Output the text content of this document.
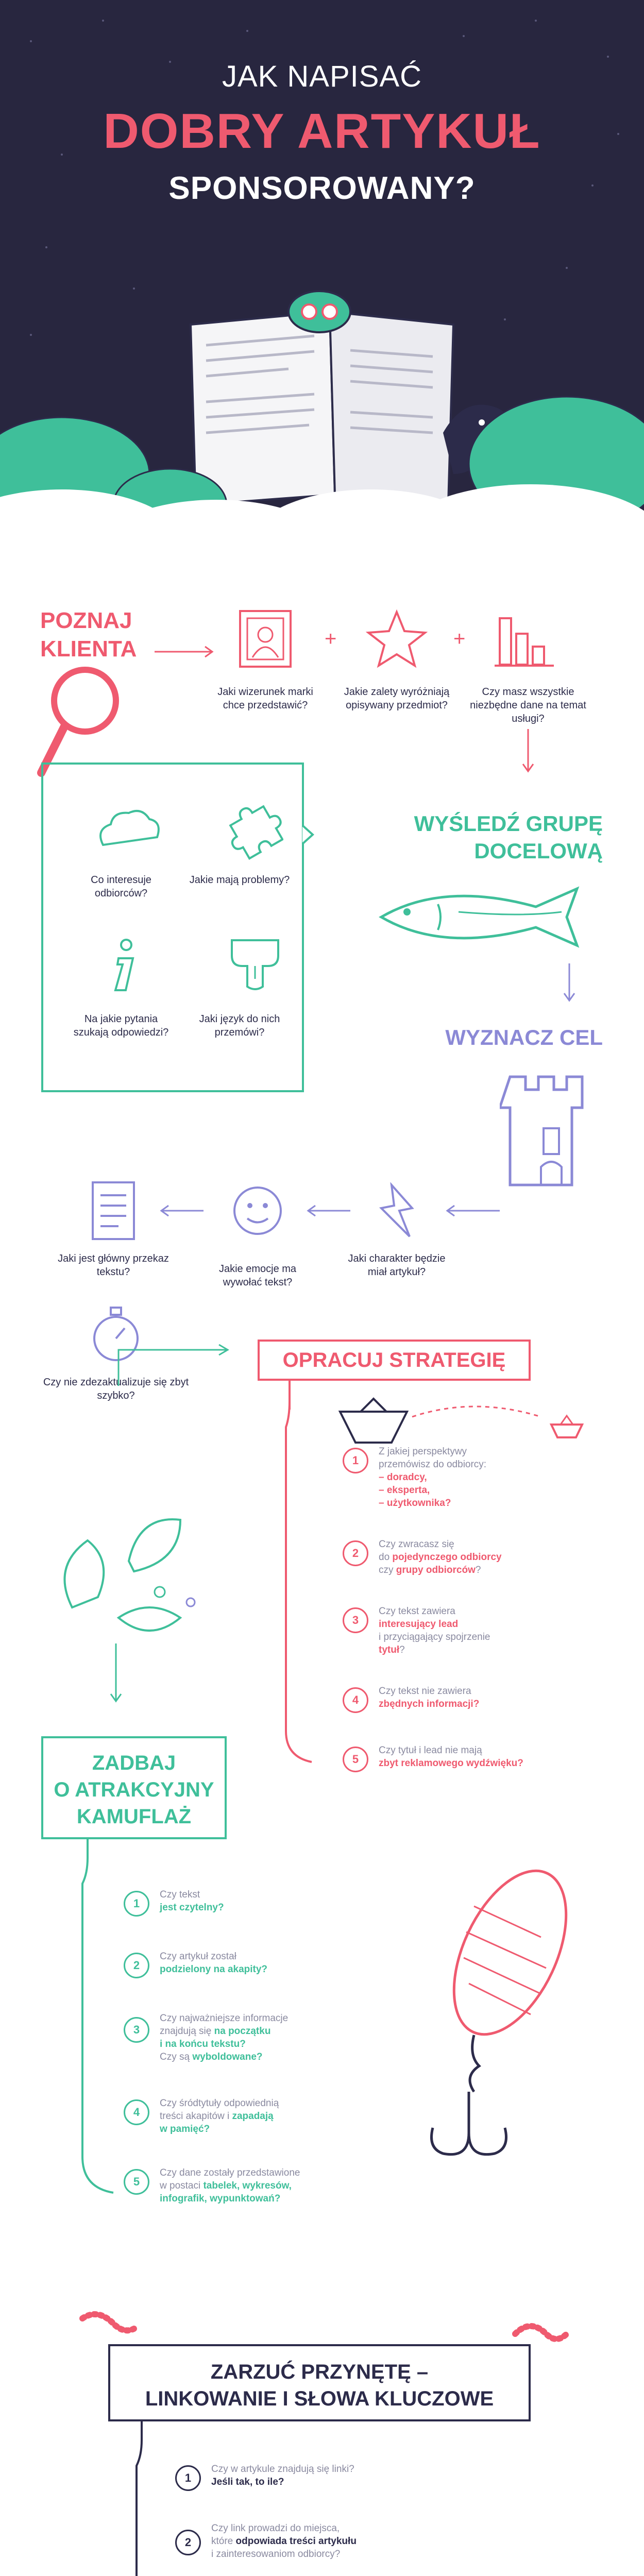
JAK NAPISAĆ
DOBRY ARTYKUŁ
SPONSOROWANY?
POZNAJ
KLIENTA	+	+
Jaki wizerunek marki chce przedstawić?
Jakie zalety wyróżniają opisywany przedmiot?
Czy masz wszystkie niezbędne dane na temat usługi?
Co interesuje odbiorców?
Jakie mają problemy?
Na jakie pytania szukają odpowiedzi?
Jaki język do nich przemówi?
WYŚLEDŹ GRUPĘ
DOCELOWĄ
WYZNACZ CEL
Jaki jest główny przekaz tekstu?	Jakie emocje ma wywołać tekst?
Jaki charakter będzie miał artykuł?
Czy nie zdezaktualizuje się zbyt szybko?
OPRACUJ STRATEGIĘ
1
Z jakiej perspektywy
przemówisz do odbiorcy:
– doradcy,
– eksperta,
– użytkownika?
2
Czy zwracasz się
do pojedynczego odbiorcy
czy grupy odbiorców?
3
Czy tekst zawiera
interesujący lead
i przyciągający spojrzenie
tytuł?
4
Czy tekst nie zawiera
zbędnych informacji?
5
Czy tytuł i lead nie mają
zbyt reklamowego wydźwięku?
ZADBAJ
O ATRAKCYJNY
KAMUFLAŻ
1
Czy tekst
jest czytelny?
2
Czy artykuł został
podzielony na akapity?
3
Czy najważniejsze informacje
znajdują się na początku
i na końcu tekstu?
Czy są wyboldowane?
4
Czy śródtytuły odpowiednią
treści akapitów i zapadają
w pamięć?
5
Czy dane zostały przedstawione
w postaci tabelek, wykresów,
infografik, wypunktowań?
ZARZUĆ PRZYNĘTĘ –
LINKOWANIE I SŁOWA KLUCZOWE
1
Czy w artykule znajdują się linki?
Jeśli tak, to ile?
2
Czy link prowadzi do miejsca,
które odpowiada treści artykułu
i zainteresowaniom odbiorcy?
